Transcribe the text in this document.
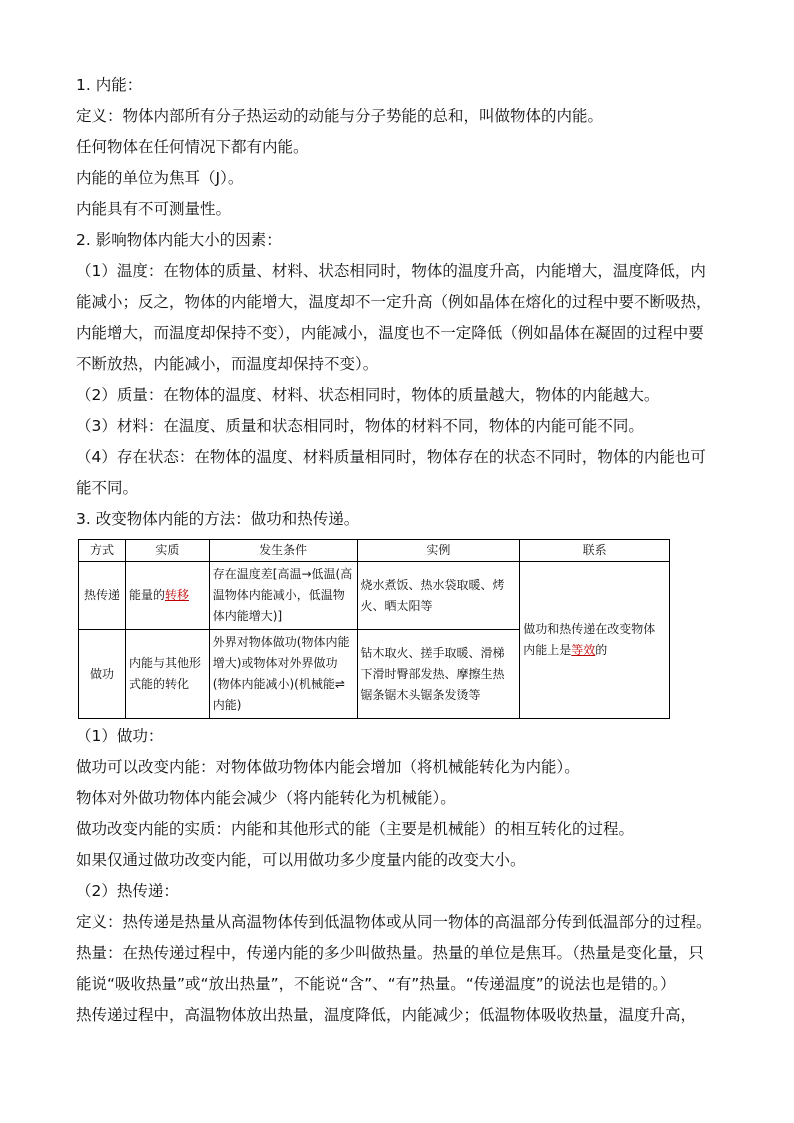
1. 内能：

定义：物体内部所有分子热运动的动能与分子势能的总和，叫做物体的内能。

任何物体在任何情况下都有内能。

内能的单位为焦耳（J）。

内能具有不可测量性。

2. 影响物体内能大小的因素：

（1）温度：在物体的质量、材料、状态相同时，物体的温度升高，内能增大，温度降低，内

能减小；反之，物体的内能增大，温度却不一定升高（例如晶体在熔化的过程中要不断吸热，

内能增大，而温度却保持不变），内能减小，温度也不一定降低（例如晶体在凝固的过程中要

不断放热，内能减小，而温度却保持不变）。

（2）质量：在物体的温度、材料、状态相同时，物体的质量越大，物体的内能越大。

（3）材料：在温度、质量和状态相同时，物体的材料不同，物体的内能可能不同。

（4）存在状态：在物体的温度、材料质量相同时，物体存在的状态不同时，物体的内能也可

能不同。

3. 改变物体内能的方法：做功和热传递。

方式	实质	发生条件	实例	联系
热传递	能量的转移	存在温度差[高温→低温(高温物体内能减小，低温物体内能增大)]	烧水煮饭、热水袋取暖、烤火、晒太阳等	做功和热传递在改变物体内能上是等效的
做功	内能与其他形式能的转化	外界对物体做功(物体内能增大)或物体对外界做功(物体内能减小)(机械能⇌内能)	钻木取火、搓手取暖、滑梯下滑时臀部发热、摩擦生热锯条锯木头锯条发烫等	

（1）做功：

做功可以改变内能：对物体做功物体内能会增加（将机械能转化为内能）。

物体对外做功物体内能会减少（将内能转化为机械能）。

做功改变内能的实质：内能和其他形式的能（主要是机械能）的相互转化的过程。

如果仅通过做功改变内能，可以用做功多少度量内能的改变大小。

（2）热传递：

定义：热传递是热量从高温物体传到低温物体或从同一物体的高温部分传到低温部分的过程。

热量：在热传递过程中，传递内能的多少叫做热量。热量的单位是焦耳。（热量是变化量，只

能说“吸收热量”或“放出热量”，不能说“含”、“有”热量。“传递温度”的说法也是错的。）

热传递过程中，高温物体放出热量，温度降低，内能减少；低温物体吸收热量，温度升高，
